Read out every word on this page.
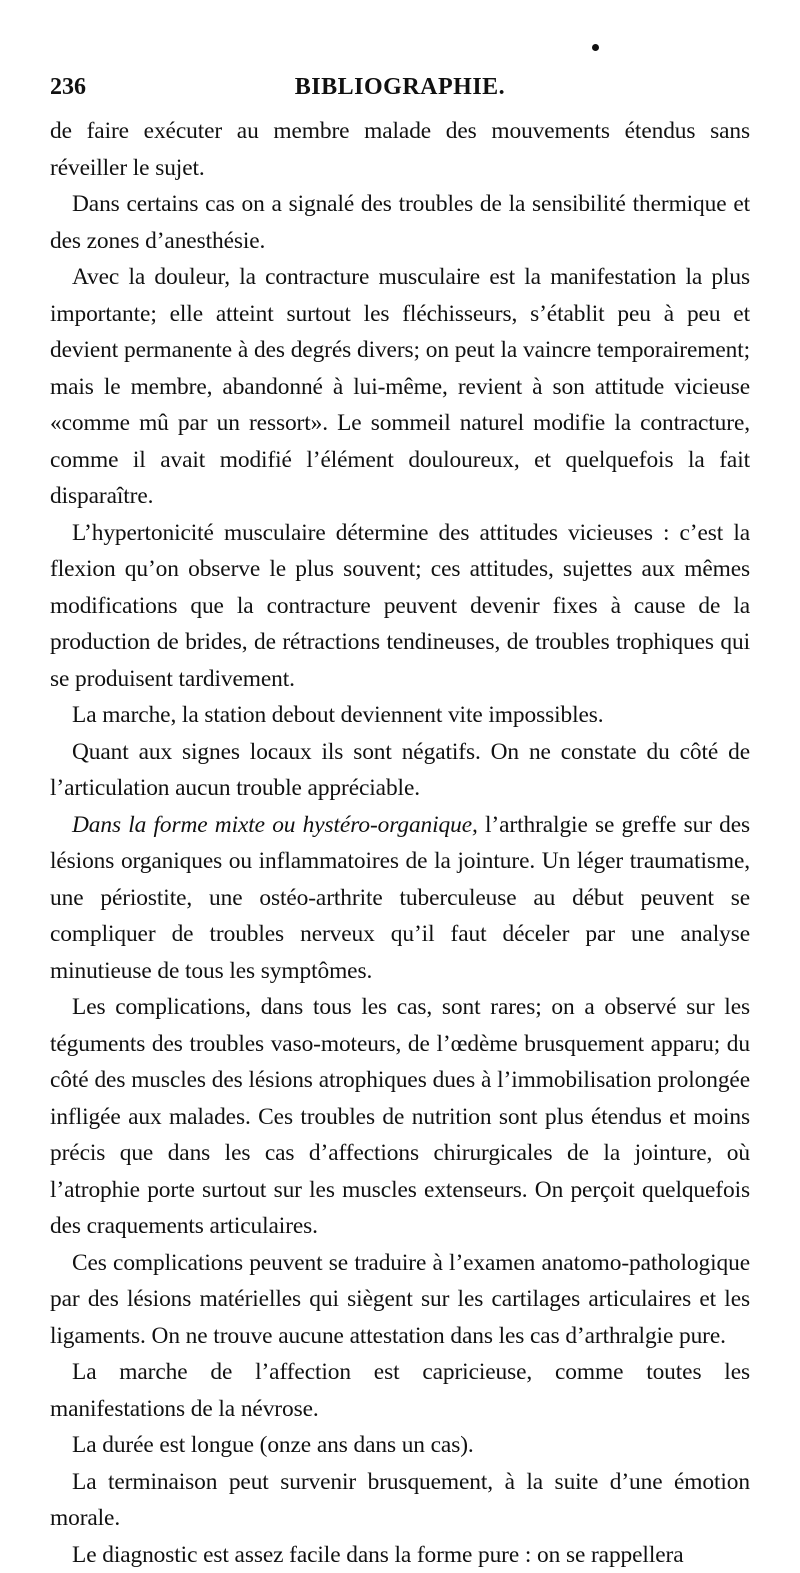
236	BIBLIOGRAPHIE.

de faire exécuter au membre malade des mouvements étendus sans réveiller le sujet.

Dans certains cas on a signalé des troubles de la sensibilité thermique et des zones d’anesthésie.

Avec la douleur, la contracture musculaire est la manifestation la plus importante; elle atteint surtout les fléchisseurs, s’établit peu à peu et devient permanente à des degrés divers; on peut la vaincre temporairement; mais le membre, abandonné à lui-même, revient à son attitude vicieuse «comme mû par un ressort». Le sommeil naturel modifie la contracture, comme il avait modifié l’élément douloureux, et quelquefois la fait disparaître.

L’hypertonicité musculaire détermine des attitudes vicieuses : c’est la flexion qu’on observe le plus souvent; ces attitudes, sujettes aux mêmes modifications que la contracture peuvent devenir fixes à cause de la production de brides, de rétractions tendineuses, de troubles trophiques qui se produisent tardivement.

La marche, la station debout deviennent vite impossibles.

Quant aux signes locaux ils sont négatifs. On ne constate du côté de l’articulation aucun trouble appréciable.

Dans la forme mixte ou hystéro-organique, l’arthralgie se greffe sur des lésions organiques ou inflammatoires de la jointure. Un léger traumatisme, une périostite, une ostéo-arthrite tuberculeuse au début peuvent se compliquer de troubles nerveux qu’il faut déceler par une analyse minutieuse de tous les symptômes.

Les complications, dans tous les cas, sont rares; on a observé sur les téguments des troubles vaso-moteurs, de l’œdème brusquement apparu; du côté des muscles des lésions atrophiques dues à l’immobilisation prolongée infligée aux malades. Ces troubles de nutrition sont plus étendus et moins précis que dans les cas d’affections chirurgicales de la jointure, où l’atrophie porte surtout sur les muscles extenseurs. On perçoit quelquefois des craquements articulaires.

Ces complications peuvent se traduire à l’examen anatomo-pathologique par des lésions matérielles qui siègent sur les cartilages articulaires et les ligaments. On ne trouve aucune attestation dans les cas d’arthralgie pure.

La marche de l’affection est capricieuse, comme toutes les manifestations de la névrose.

La durée est longue (onze ans dans un cas).

La terminaison peut survenir brusquement, à la suite d’une émotion morale.

Le diagnostic est assez facile dans la forme pure : on se rappellera
